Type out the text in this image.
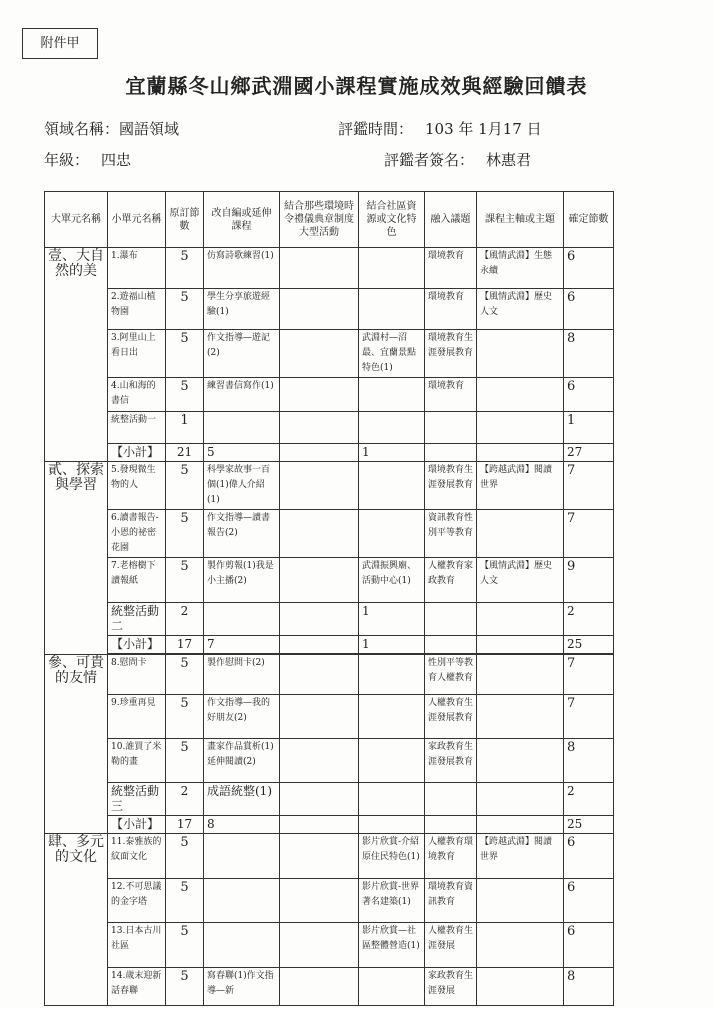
附件甲
宜蘭縣冬山鄉武淵國小課程實施成效與經驗回饋表
領域名稱：國語領域	評鑑時間： 103 年 1月17 日
年級： 四忠	評鑑者簽名： 林惠君
大單元名稱	小單元名稱	原訂節數	改自編或延伸課程	結合那些環境時令禮儀典章制度大型活動	結合社區資源或文化特色	融入議題	課程主軸或主題	確定節數
壹、大自然的美	1.瀑布	5	仿寫詩歌練習(1)			環境教育	【風情武淵】生態永續	6
	2.遊福山植物園	5	學生分享旅遊經驗(1)			環境教育	【風情武淵】歷史人文	6
	3.阿里山上看日出	5	作文指導—遊記(2)		武淵村—沼最、宜蘭景點特色(1)	環境教育生涯發展教育		8
	4.山和海的書信	5	練習書信寫作(1)			環境教育		6
	統整活動一	1						1
	【小計】	21	5		1			27
貳、探索與學習	5.發現微生物的人	5	科學家故事一百個(1)偉人介紹(1)			環境教育生涯發展教育	【跨越武淵】閱讀世界	7
	6.讀書報告-小恩的祕密花園	5	作文指導—讀書報告(2)			資訊教育性別平等教育		7
	7.老榕樹下讀報紙	5	製作剪報(1)我是小主播(2)		武淵振興廟、活動中心(1)	人權教育家政教育	【風情武淵】歷史人文	9
	統整活動二	2			1			2
	【小計】	17	7		1			25

參、可貴的友情	8.慰問卡	5	製作慰問卡(2)			性別平等教育人權教育		7
	9.珍重再見	5	作文指導—我的好朋友(2)			人權教育生涯發展教育		7
	10.誰買了米勒的畫	5	畫家作品賞析(1)延伸閱讀(2)			家政教育生涯發展教育		8
	統整活動三	2	成語統整(1)					2
	【小計】	17	8					25
肆、多元的文化	11.泰雅族的紋面文化	5			影片欣賞-介紹原住民特色(1)	人權教育環境教育	【跨越武淵】閱讀世界	6
	12.不可思議的金字塔	5			影片欣賞-世界著名建築(1)	環境教育資訊教育		6
	13.日本古川社區	5			影片欣賞—社區整體營造(1)	人權教育生涯發展		6
	14.歲末迎新話春聯	5	寫春聯(1)作文指導—新			家政教育生涯發展		8
